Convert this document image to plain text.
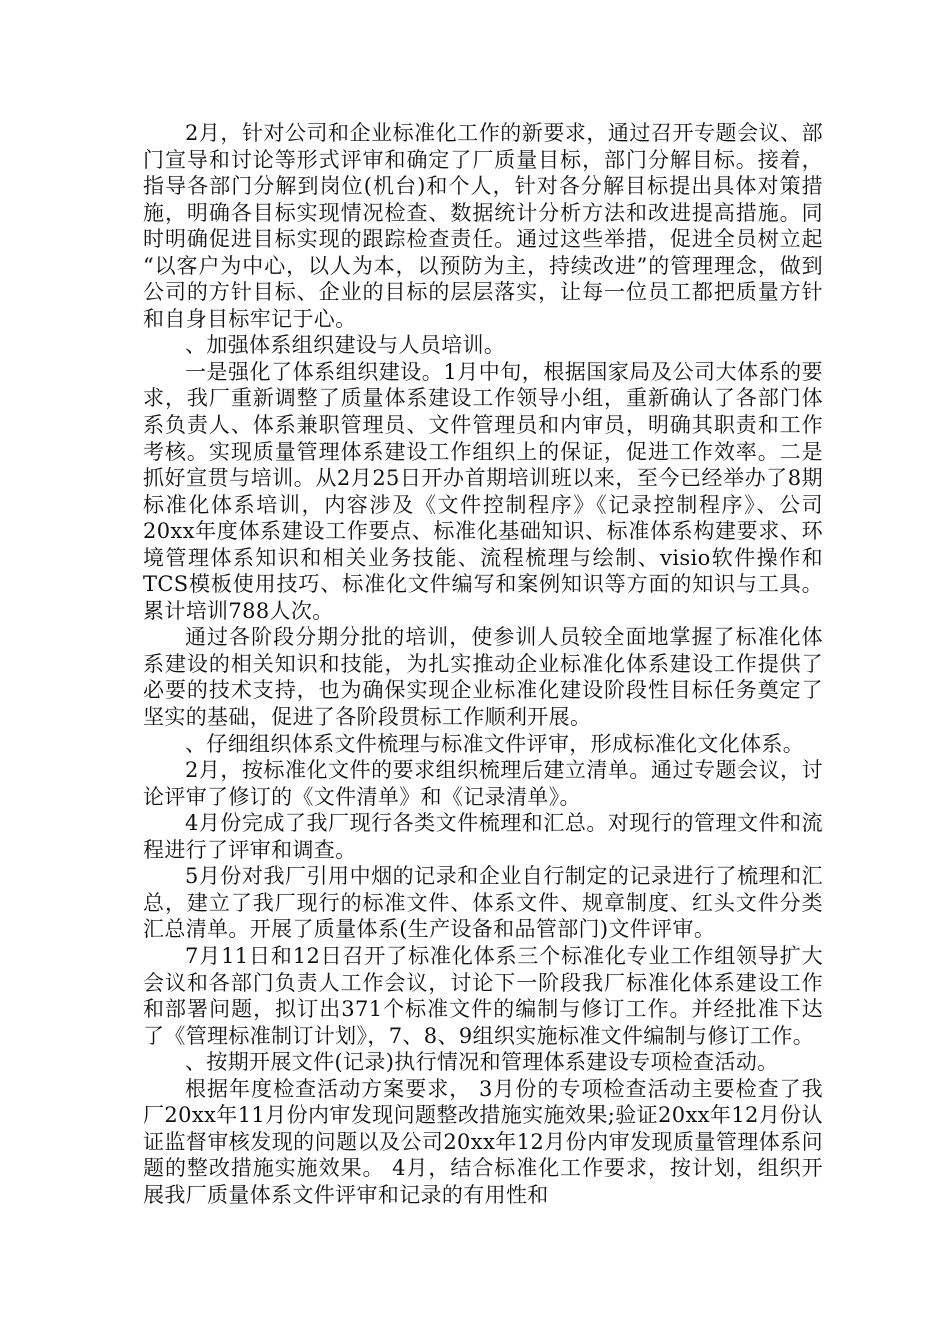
2月，针对公司和企业标准化工作的新要求，通过召开专题会议、部门宣导和讨论等形式评审和确定了厂质量目标，部门分解目标。接着，指导各部门分解到岗位(机台)和个人，针对各分解目标提出具体对策措施，明确各目标实现情况检查、数据统计分析方法和改进提高措施。同时明确促进目标实现的跟踪检查责任。通过这些举措，促进全员树立起 “以客户为中心，以人为本，以预防为主，持续改进”的管理理念，做到公司的方针目标、企业的目标的层层落实，让每一位员工都把质量方针和自身目标牢记于心。

、加强体系组织建设与人员培训。

一是强化了体系组织建设。1月中旬，根据国家局及公司大体系的要求，我厂重新调整了质量体系建设工作领导小组，重新确认了各部门体系负责人、体系兼职管理员、文件管理员和内审员，明确其职责和工作考核。实现质量管理体系建设工作组织上的保证，促进工作效率。二是抓好宣贯与培训。从2月25日开办首期培训班以来，至今已经举办了8期标准化体系培训，内容涉及《文件控制程序》《记录控制程序》、公司20xx年度体系建设工作要点、标准化基础知识、标准体系构建要求、环境管理体系知识和相关业务技能、流程梳理与绘制、visio软件操作和TCS模板使用技巧、标准化文件编写和案例知识等方面的知识与工具。累计培训788人次。

通过各阶段分期分批的培训，使参训人员较全面地掌握了标准化体系建设的相关知识和技能，为扎实推动企业标准化体系建设工作提供了必要的技术支持，也为确保实现企业标准化建设阶段性目标任务奠定了坚实的基础，促进了各阶段贯标工作顺利开展。

、仔细组织体系文件梳理与标准文件评审，形成标准化文化体系。

2月，按标准化文件的要求组织梳理后建立清单。通过专题会议，讨论评审了修订的《文件清单》和《记录清单》。

4月份完成了我厂现行各类文件梳理和汇总。对现行的管理文件和流程进行了评审和调查。

5月份对我厂引用中烟的记录和企业自行制定的记录进行了梳理和汇总，建立了我厂现行的标准文件、体系文件、规章制度、红头文件分类汇总清单。开展了质量体系(生产设备和品管部门)文件评审。

7月11日和12日召开了标准化体系三个标准化专业工作组领导扩大会议和各部门负责人工作会议，讨论下一阶段我厂标准化体系建设工作和部署问题，拟订出371个标准文件的编制与修订工作。并经批准下达了《管理标准制订计划》，7、8、9组织实施标准文件编制与修订工作。

、按期开展文件(记录)执行情况和管理体系建设专项检查活动。

根据年度检查活动方案要求， 3月份的专项检查活动主要检查了我厂20xx年11月份内审发现问题整改措施实施效果;验证20xx年12月份认证监督审核发现的问题以及公司20xx年12月份内审发现质量管理体系问题的整改措施实施效果。 4月，结合标准化工作要求，按计划，组织开展我厂质量体系文件评审和记录的有用性和
